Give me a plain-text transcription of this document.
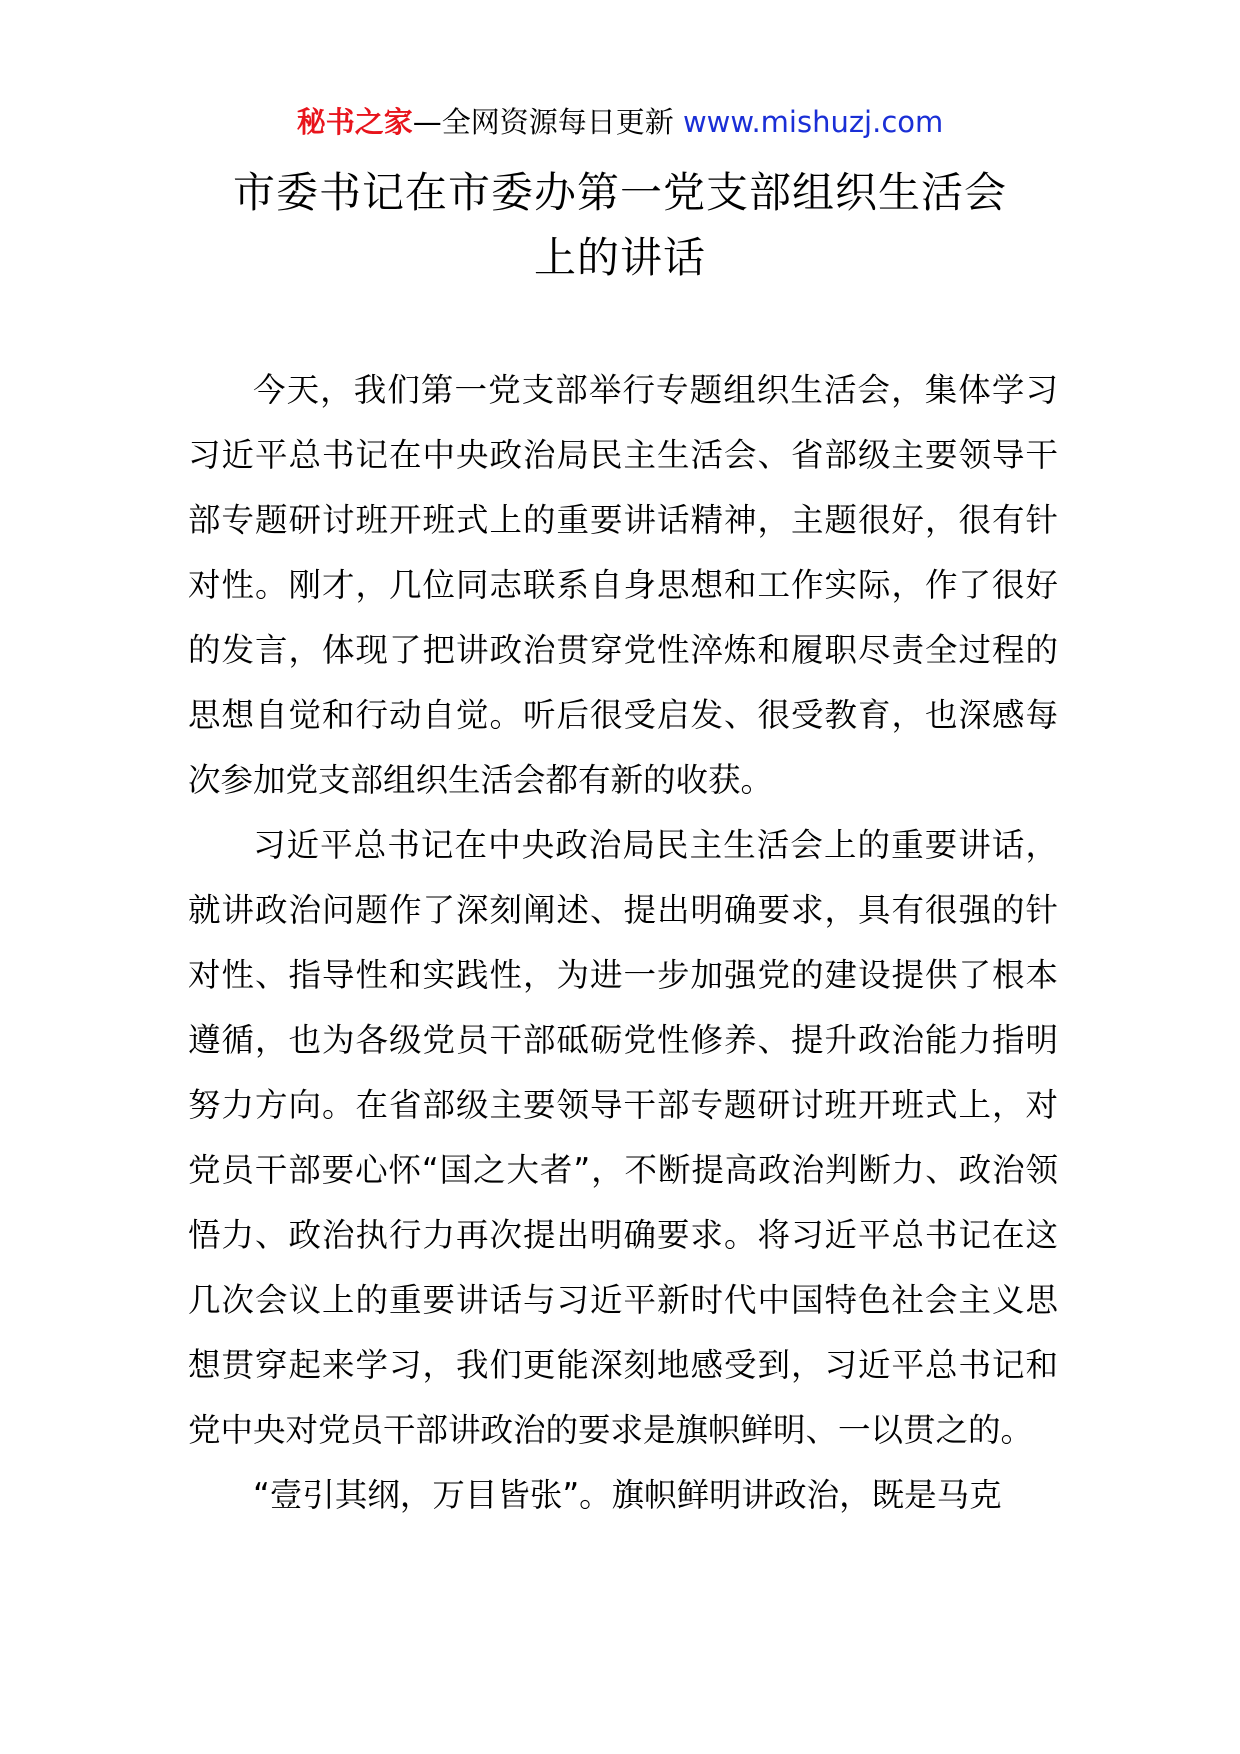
秘书之家—全网资源每日更新 www.mishuzj.com
市委书记在市委办第一党支部组织生活会
上的讲话

今天，我们第一党支部举行专题组织生活会，集体学习习近平总书记在中央政治局民主生活会、省部级主要领导干部专题研讨班开班式上的重要讲话精神，主题很好，很有针对性。刚才，几位同志联系自身思想和工作实际，作了很好的发言，体现了把讲政治贯穿党性淬炼和履职尽责全过程的思想自觉和行动自觉。听后很受启发、很受教育，也深感每次参加党支部组织生活会都有新的收获。

习近平总书记在中央政治局民主生活会上的重要讲话，就讲政治问题作了深刻阐述、提出明确要求，具有很强的针对性、指导性和实践性，为进一步加强党的建设提供了根本遵循，也为各级党员干部砥砺党性修养、提升政治能力指明努力方向。在省部级主要领导干部专题研讨班开班式上，对党员干部要心怀“国之大者”，不断提高政治判断力、政治领悟力、政治执行力再次提出明确要求。将习近平总书记在这几次会议上的重要讲话与习近平新时代中国特色社会主义思想贯穿起来学习，我们更能深刻地感受到，习近平总书记和党中央对党员干部讲政治的要求是旗帜鲜明、一以贯之的。

“壹引其纲，万目皆张”。旗帜鲜明讲政治，既是马克
